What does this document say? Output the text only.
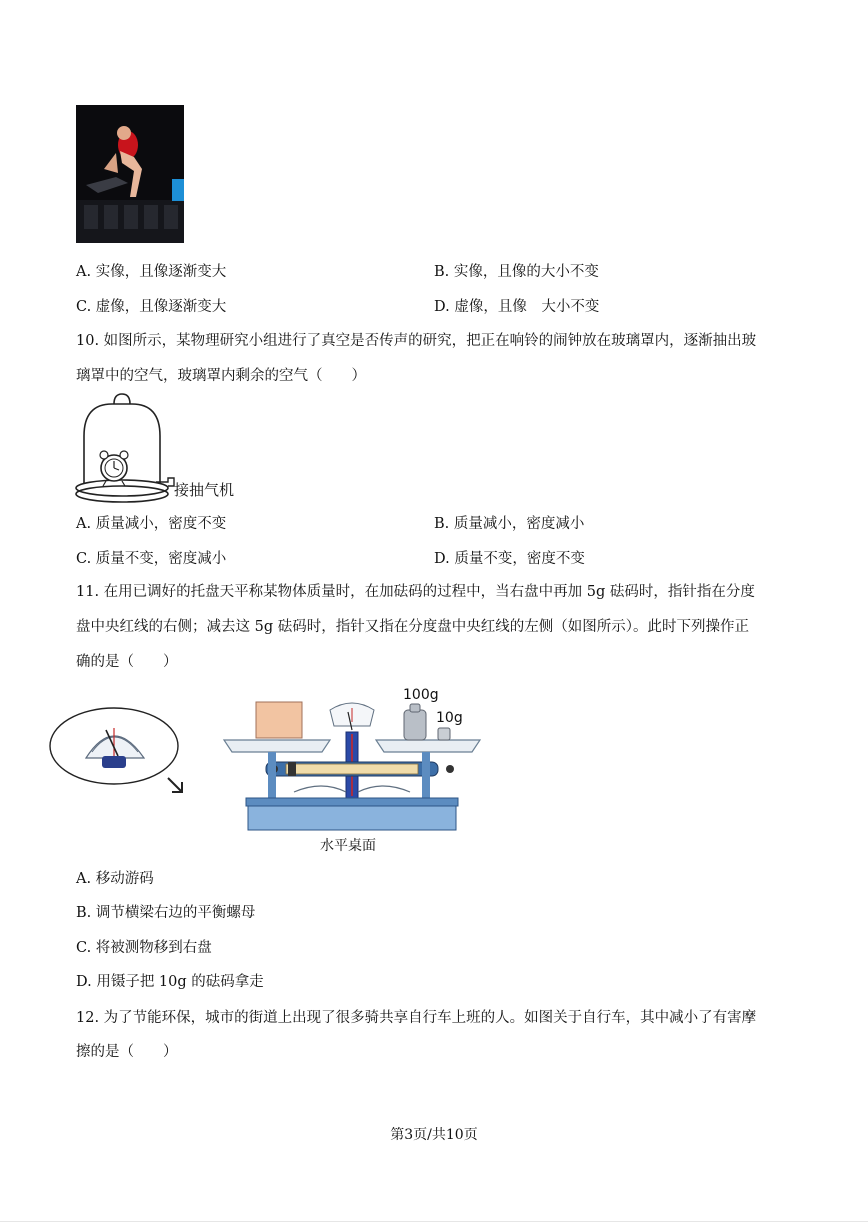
A. 实像，且像逐渐变大	B. 实像，且像的大小不变
C. 虚像，且像逐渐变大	D. 虚像，且像　大小不变
10. 如图所示，某物理研究小组进行了真空是否传声的研究，把正在响铃的闹钟放在玻璃罩内，逐渐抽出玻
璃罩中的空气，玻璃罩内剩余的空气（　　）
接抽气机
A. 质量减小，密度不变	B. 质量减小，密度减小
C. 质量不变，密度减小	D. 质量不变，密度不变
11. 在用已调好的托盘天平称某物体质量时，在加砝码的过程中，当右盘中再加 5g 砝码时，指针指在分度
盘中央红线的右侧；减去这 5g 砝码时，指针又指在分度盘中央红线的左侧（如图所示）。此时下列操作正
确的是（　　）
100g
10g
水平桌面
A. 移动游码
B. 调节横梁右边的平衡螺母
C. 将被测物移到右盘
D. 用镊子把 10g 的砝码拿走
12. 为了节能环保，城市的街道上出现了很多骑共享自行车上班的人。如图关于自行车，其中减小了有害摩
擦的是（　　）
第3页/共10页
